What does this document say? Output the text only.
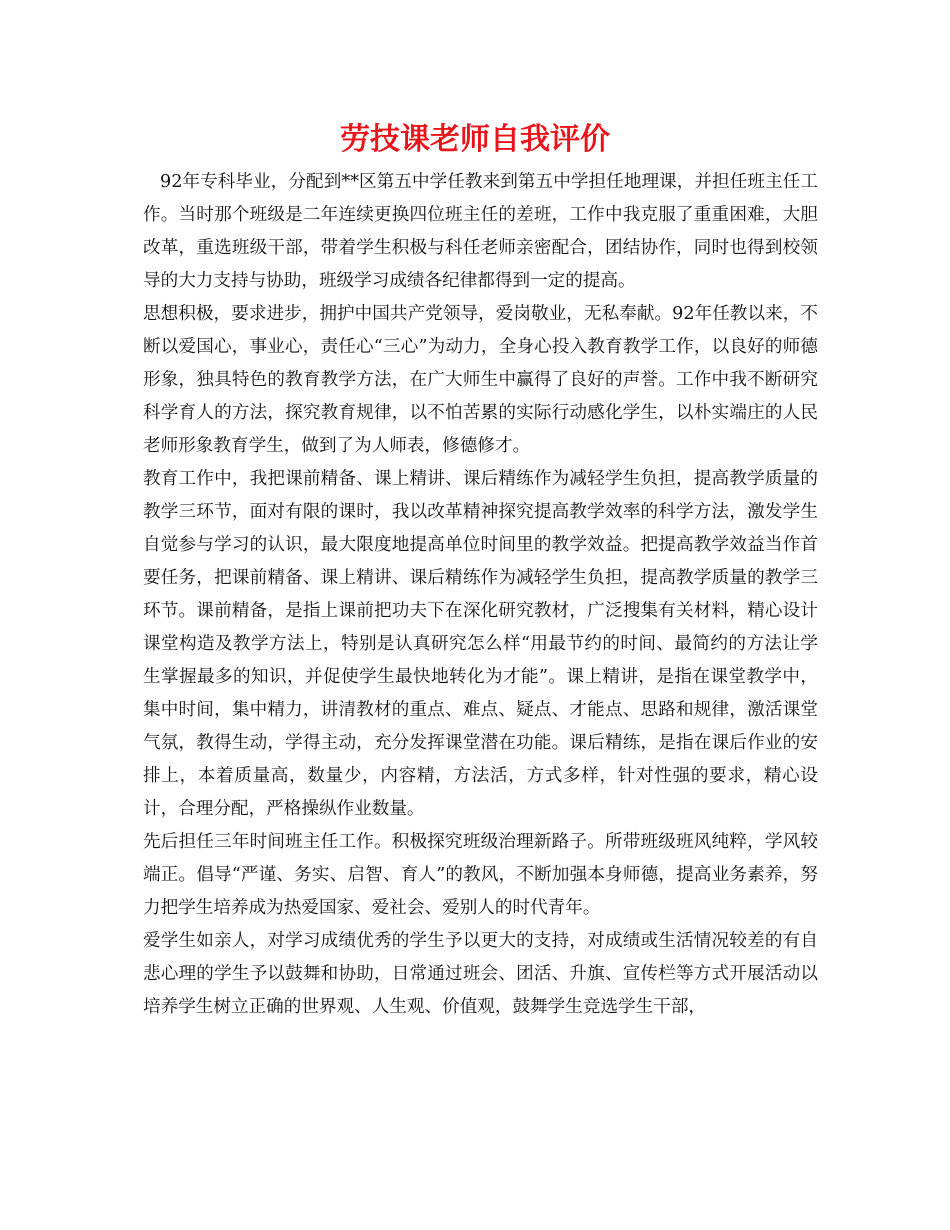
劳技课老师自我评价

92年专科毕业，分配到**区第五中学任教来到第五中学担任地理课，并担任班主任工作。当时那个班级是二年连续更换四位班主任的差班，工作中我克服了重重困难，大胆改革，重选班级干部，带着学生积极与科任老师亲密配合，团结协作，同时也得到校领导的大力支持与协助，班级学习成绩各纪律都得到一定的提高。

思想积极，要求进步，拥护中国共产党领导，爱岗敬业，无私奉献。92年任教以来，不断以爱国心，事业心，责任心“三心”为动力，全身心投入教育教学工作，以良好的师德形象，独具特色的教育教学方法，在广大师生中赢得了良好的声誉。工作中我不断研究科学育人的方法，探究教育规律，以不怕苦累的实际行动感化学生，以朴实端庄的人民老师形象教育学生，做到了为人师表，修德修才。

教育工作中，我把课前精备、课上精讲、课后精练作为减轻学生负担，提高教学质量的教学三环节，面对有限的课时，我以改革精神探究提高教学效率的科学方法，激发学生自觉参与学习的认识，最大限度地提高单位时间里的教学效益。把提高教学效益当作首要任务，把课前精备、课上精讲、课后精练作为减轻学生负担，提高教学质量的教学三环节。课前精备，是指上课前把功夫下在深化研究教材，广泛搜集有关材料，精心设计课堂构造及教学方法上，特别是认真研究怎么样“用最节约的时间、最简约的方法让学生掌握最多的知识，并促使学生最快地转化为才能”。课上精讲，是指在课堂教学中，集中时间，集中精力，讲清教材的重点、难点、疑点、才能点、思路和规律，激活课堂气氛，教得生动，学得主动，充分发挥课堂潜在功能。课后精练，是指在课后作业的安排上，本着质量高，数量少，内容精，方法活，方式多样，针对性强的要求，精心设计，合理分配，严格操纵作业数量。

先后担任三年时间班主任工作。积极探究班级治理新路子。所带班级班风纯粹，学风较端正。倡导“严谨、务实、启智、育人”的教风，不断加强本身师德，提高业务素养，努力把学生培养成为热爱国家、爱社会、爱别人的时代青年。

爱学生如亲人，对学习成绩优秀的学生予以更大的支持，对成绩或生活情况较差的有自悲心理的学生予以鼓舞和协助，日常通过班会、团活、升旗、宣传栏等方式开展活动以培养学生树立正确的世界观、人生观、价值观，鼓舞学生竞选学生干部，
